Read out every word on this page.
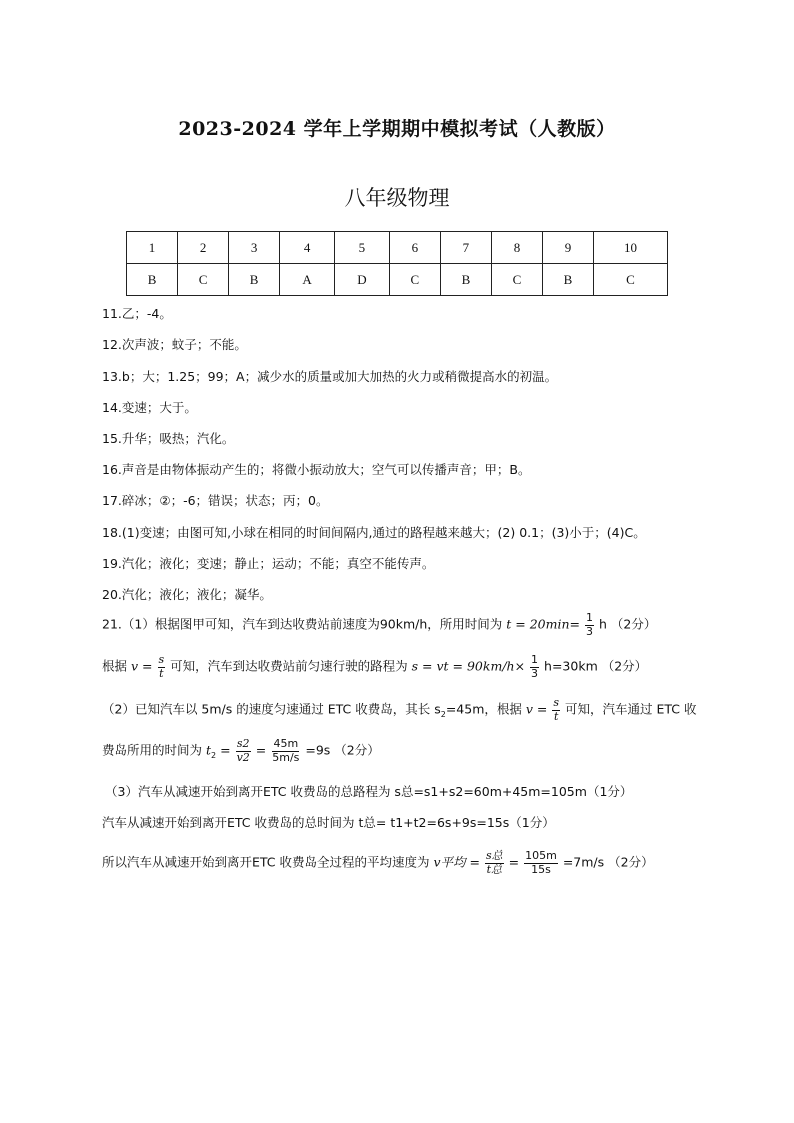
2023-2024 学年上学期期中模拟考试（人教版）
八年级物理
1	2	3	4	5	6	7	8	9	10
B	C	B	A	D	C	B	C	B	C
11.乙；-4。
12.次声波；蚊子；不能。
13.b；大；1.25；99；A；减少水的质量或加大加热的火力或稍微提高水的初温。
14.变速；大于。
15.升华；吸热；汽化。
16.声音是由物体振动产生的；将微小振动放大；空气可以传播声音；甲；B。
17.碎冰；②；-6；错误；状态；丙；0。
18.(1)变速；由图可知,小球在相同的时间间隔内,通过的路程越来越大；(2) 0.1；(3)小于；(4)C。
19.汽化；液化；变速；静止；运动；不能；真空不能传声。
20.汽化；液化；液化；凝华。
21.（1）根据图甲可知，汽车到达收费站前速度为90km/h，所用时间为 $t = 20\min= \frac{1}{3}$ h （2分）
根据 $v = \frac{s}{t}$ 可知，汽车到达收费站前匀速行驶的路程为 s = vt = $90km/h\times \frac{1}{3} h=30km$ （2分）
（2）已知汽车以 5m/s 的速度匀速通过 ETC 收费岛，其长 $s_2=45m$，根据 $v = \frac{s}{t}$ 可知，汽车通过 ETC 收
费岛所用的时间为 $t_2 = \frac{s2}{v2} = \frac{45m}{5m/s} =9s$ （2分）
（3）汽车从减速开始到离开ETC 收费岛的总路程为 s总=s1+s2=60m+45m=105m（1分）
汽车从减速开始到离开ETC 收费岛的总时间为 t总= t1+t2=6s+9s=15s（1分）
所以汽车从减速开始到离开ETC 收费岛全过程的平均速度为 v平均 = $\frac{\text{s总}}{\text{t总}} = \frac{105m}{15s} =7m/s$ （2分）
